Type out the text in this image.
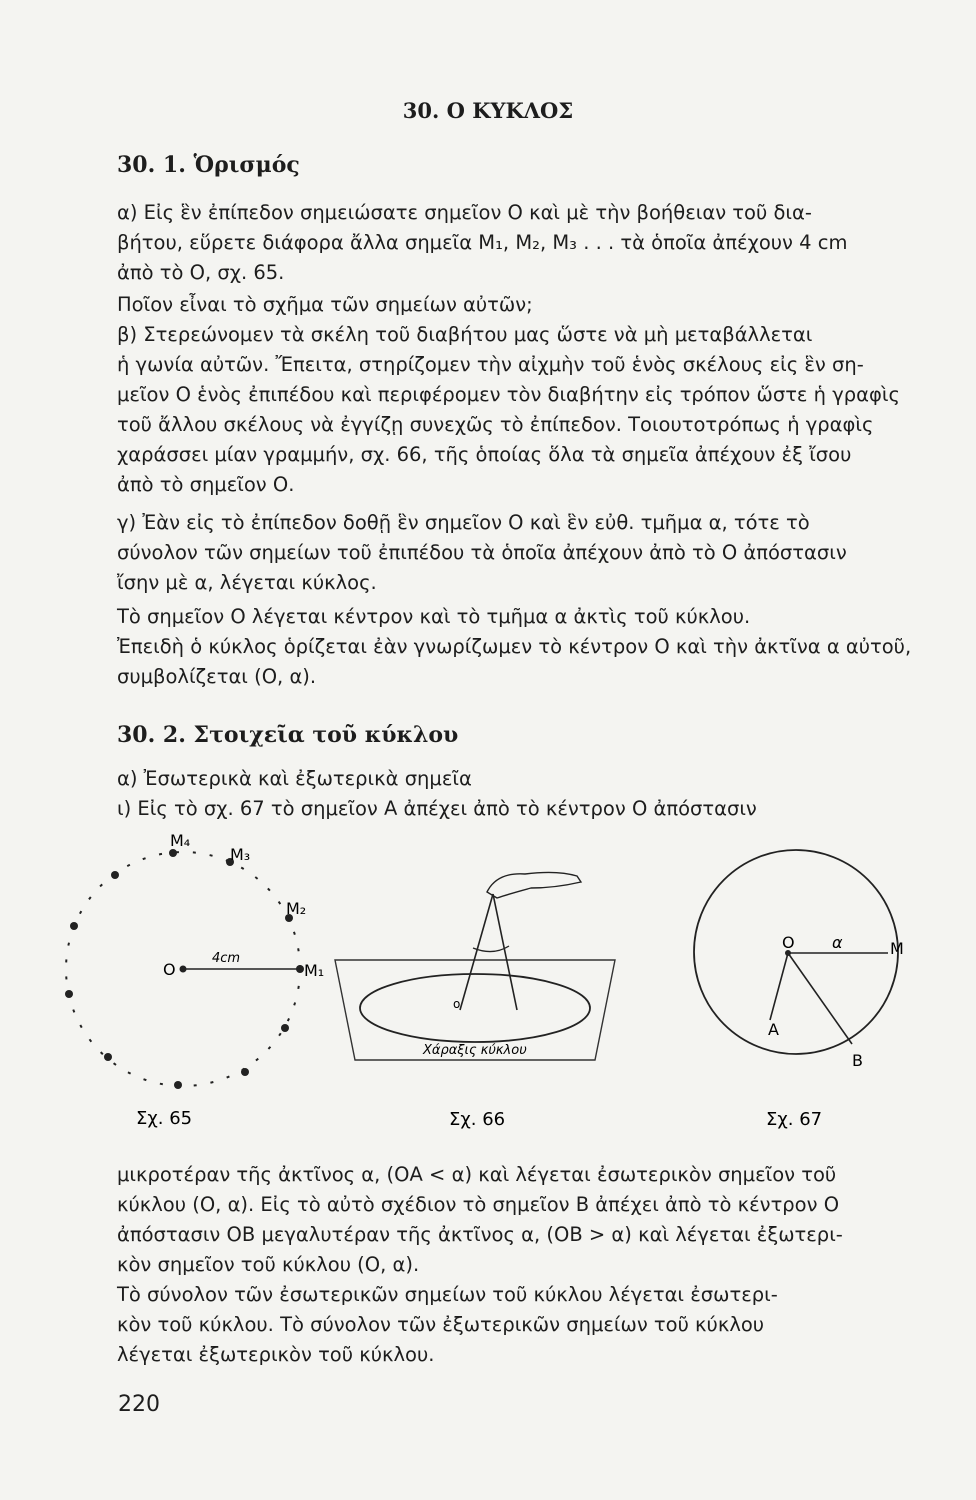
30. Ο ΚΥΚΛΟΣ
30. 1. Ὁρισμός
α) Εἰς ἓν ἐπίπεδον σημειώσατε σημεῖον Ο καὶ μὲ τὴν βοήθειαν τοῦ δια-
βήτου, εὕρετε διάφορα ἄλλα σημεῖα Μ₁, Μ₂, Μ₃ . . . τὰ ὁποῖα ἀπέχουν 4 cm
ἀπὸ τὸ Ο, σχ. 65.
Ποῖον εἶναι τὸ σχῆμα τῶν σημείων αὐτῶν;
β) Στερεώνομεν τὰ σκέλη τοῦ διαβήτου μας ὥστε νὰ μὴ μεταβάλλεται
ἡ γωνία αὐτῶν. Ἔπειτα, στηρίζομεν τὴν αἰχμὴν τοῦ ἑνὸς σκέλους εἰς ἓν ση-
μεῖον Ο ἑνὸς ἐπιπέδου καὶ περιφέρομεν τὸν διαβήτην εἰς τρόπον ὥστε ἡ γραφὶς
τοῦ ἄλλου σκέλους νὰ ἐγγίζῃ συνεχῶς τὸ ἐπίπεδον. Τοιουτοτρόπως ἡ γραφὶς
χαράσσει μίαν γραμμήν, σχ. 66, τῆς ὁποίας ὅλα τὰ σημεῖα ἀπέχουν ἐξ ἴσου
ἀπὸ τὸ σημεῖον Ο.
γ) Ἐὰν εἰς τὸ ἐπίπεδον δοθῇ ἓν σημεῖον Ο καὶ ἓν εὐθ. τμῆμα α, τότε τὸ
σύνολον τῶν σημείων τοῦ ἐπιπέδου τὰ ὁποῖα ἀπέχουν ἀπὸ τὸ Ο ἀπόστασιν
ἴσην μὲ α, λέγεται κύκλος.
Τὸ σημεῖον Ο λέγεται κέντρον καὶ τὸ τμῆμα α ἀκτὶς τοῦ κύκλου.
Ἐπειδὴ ὁ κύκλος ὁρίζεται ἐὰν γνωρίζωμεν τὸ κέντρον Ο καὶ τὴν ἀκτῖνα α αὐτοῦ,
συμβολίζεται (Ο, α).
30. 2. Στοιχεῖα τοῦ κύκλου
α) Ἐσωτερικὰ καὶ ἐξωτερικὰ σημεῖα
ι) Εἰς τὸ σχ. 67 τὸ σημεῖον Α ἀπέχει ἀπὸ τὸ κέντρον Ο ἀπόστασιν
Μ₄
Μ₃
Μ₂
Μ₁
Ο
4cm
Σχ. 65
ο
Χάραξις κύκλου
Σχ. 66
Ο α	Μ
Α
Β
Σχ. 67
μικροτέραν τῆς ἀκτῖνος α, (ΟΑ < α) καὶ λέγεται ἐσωτερικὸν σημεῖον τοῦ
κύκλου (Ο, α). Εἰς τὸ αὐτὸ σχέδιον τὸ σημεῖον Β ἀπέχει ἀπὸ τὸ κέντρον Ο
ἀπόστασιν ΟΒ μεγαλυτέραν τῆς ἀκτῖνος α, (ΟΒ > α) καὶ λέγεται ἐξωτερι-
κὸν σημεῖον τοῦ κύκλου (Ο, α).
Τὸ σύνολον τῶν ἐσωτερικῶν σημείων τοῦ κύκλου λέγεται ἐσωτερι-
κὸν τοῦ κύκλου. Τὸ σύνολον τῶν ἐξωτερικῶν σημείων τοῦ κύκλου
λέγεται ἐξωτερικὸν τοῦ κύκλου.
220
